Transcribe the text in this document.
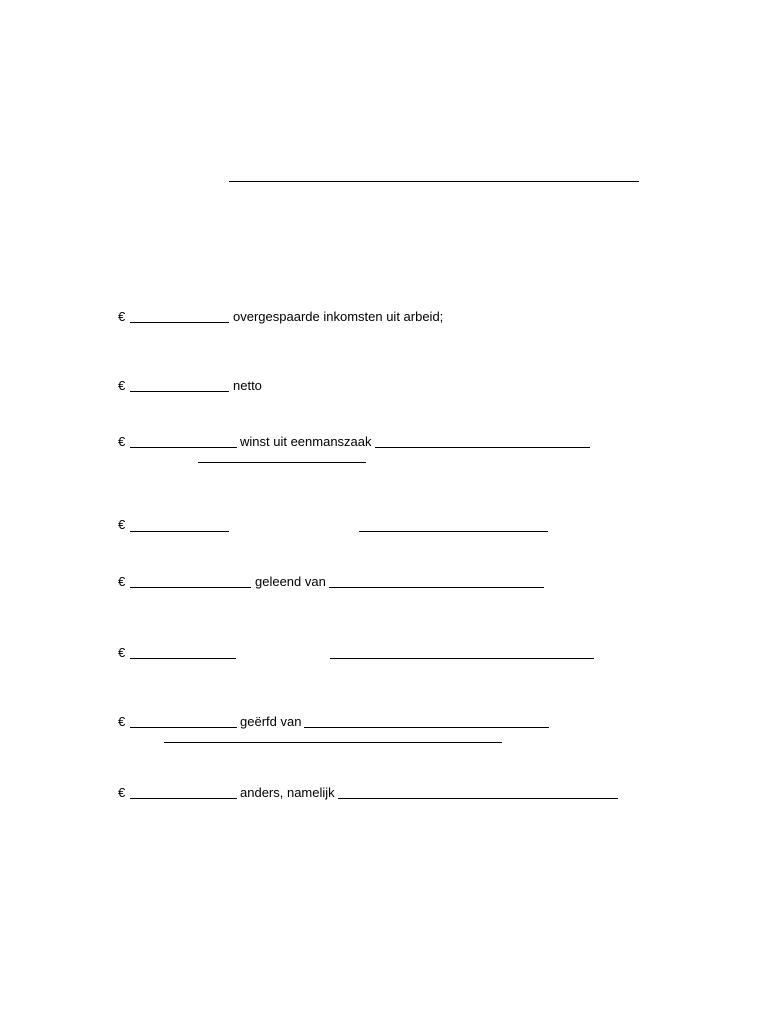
€	overgespaarde inkomsten uit arbeid;
€	netto
€	winst uit eenmanszaak
€
€	geleend van
€
€	geërfd van
€	anders, namelijk
